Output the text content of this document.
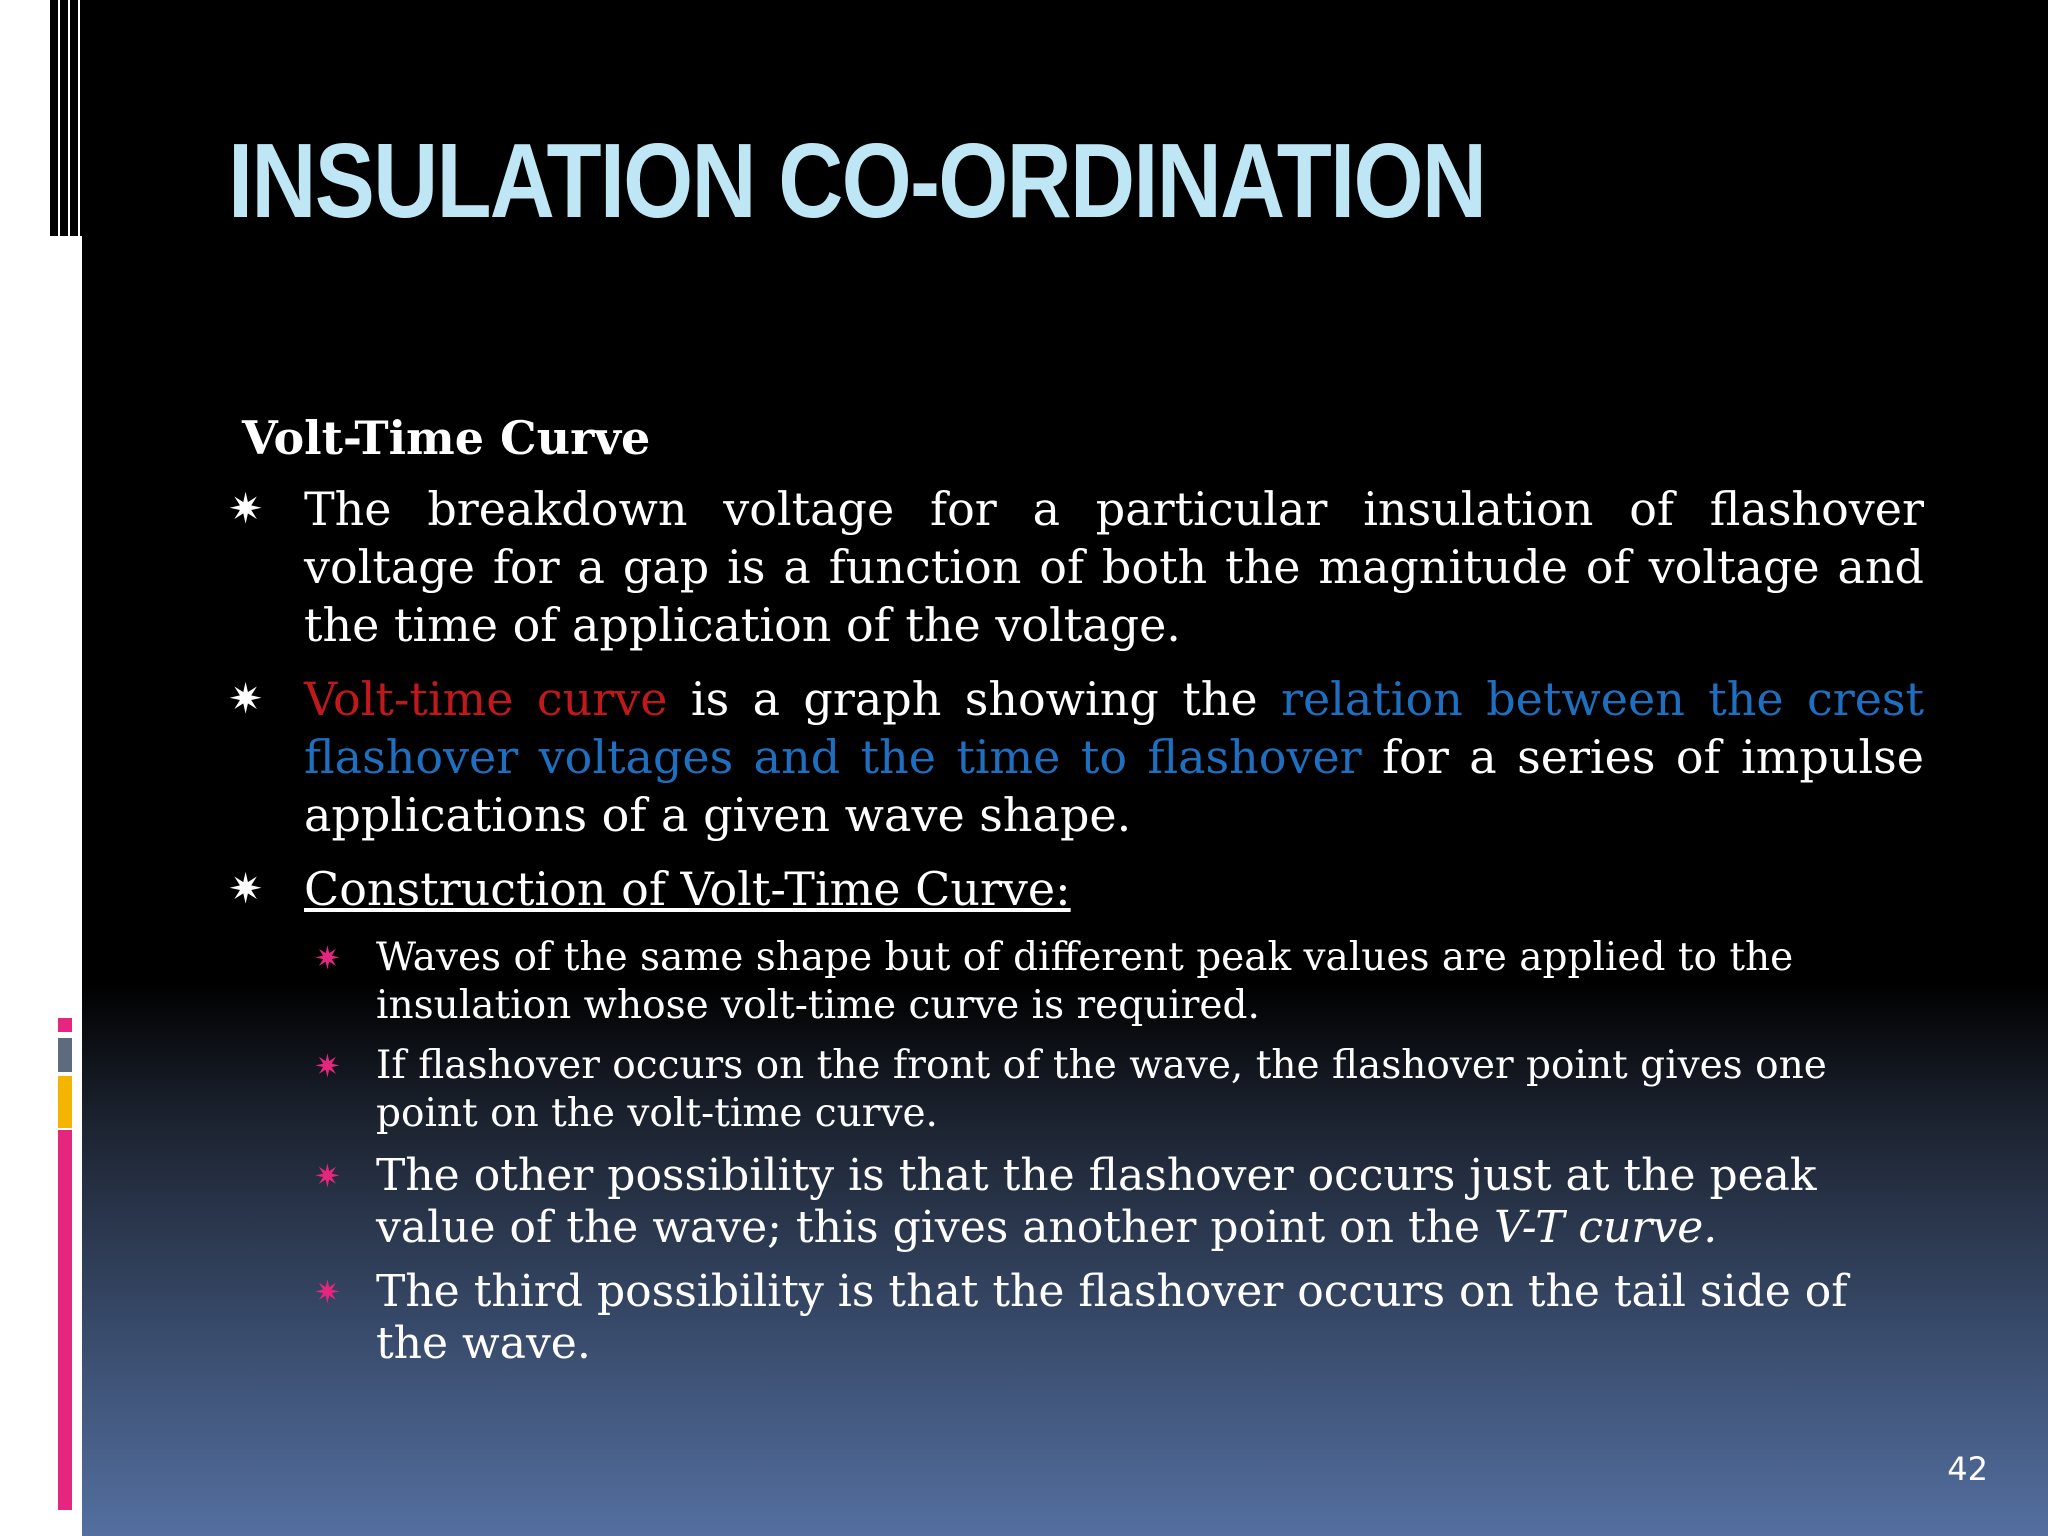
INSULATION CO-ORDINATION
Volt-Time Curve
✷ The breakdown voltage for a particular insulation of flashover voltage for a gap is a function of both the magnitude of voltage and the time of application of the voltage.
✷ Volt-time curve is a graph showing the relation between the crest flashover voltages and the time to flashover for a series of impulse applications of a given wave shape.
✷ Construction of Volt-Time Curve:
✷ Waves of the same shape but of different peak values are applied to the insulation whose volt-time curve is required.
✷ If flashover occurs on the front of the wave, the flashover point gives one point on the volt-time curve.
✷ The other possibility is that the flashover occurs just at the peak value of the wave; this gives another point on the V-T curve.
✷ The third possibility is that the flashover occurs on the tail side of the wave.
42
